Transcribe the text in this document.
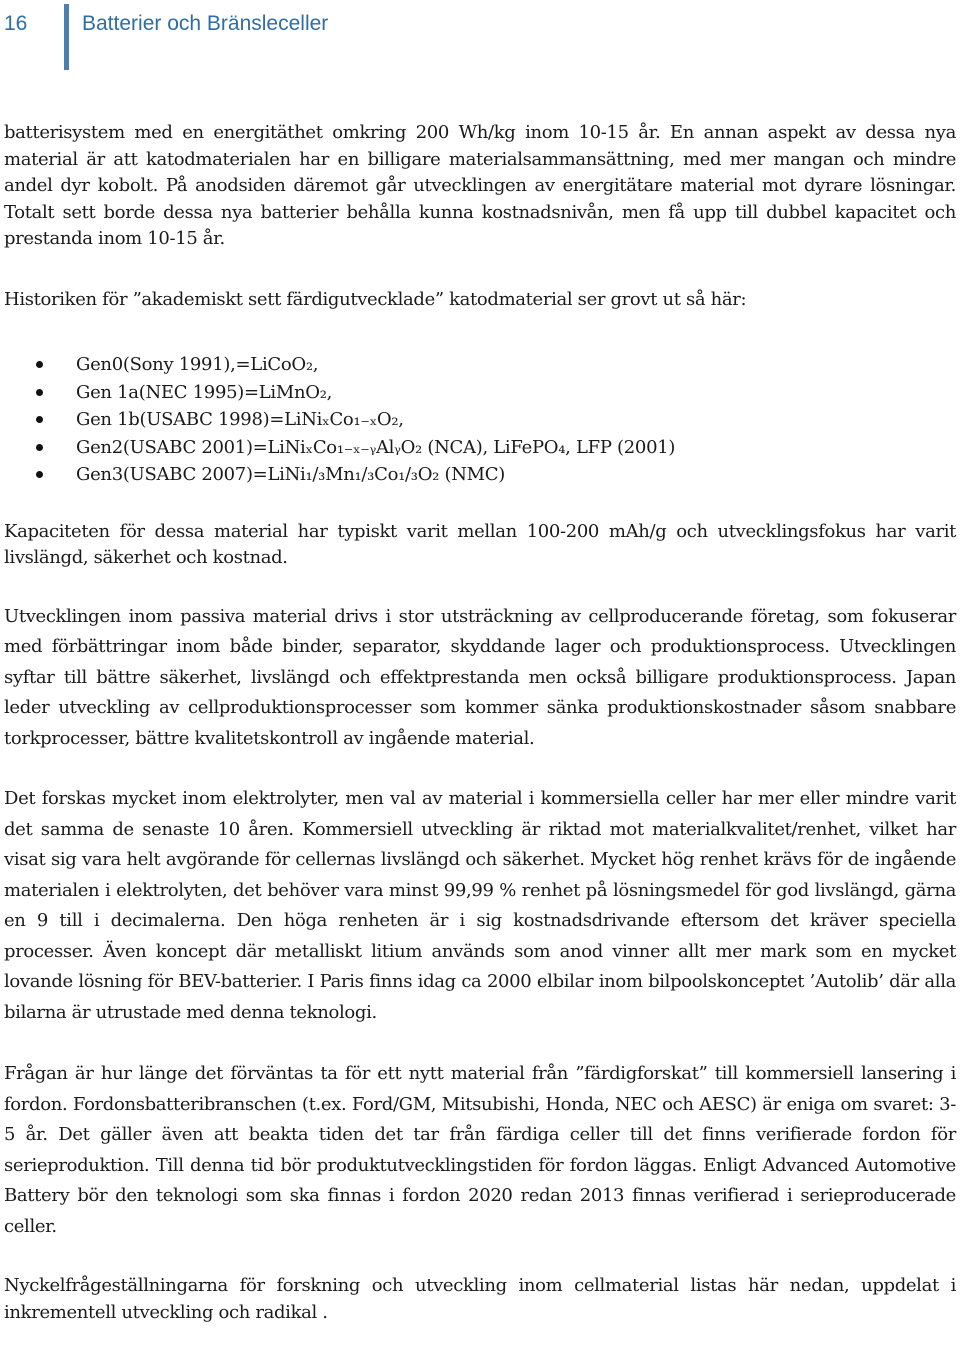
16	Batterier och Bränsleceller

batterisystem med en energitäthet omkring 200 Wh/kg inom 10-15 år. En annan aspekt av dessa nya material är att katodmaterialen har en billigare materialsammansättning, med mer mangan och mindre andel dyr kobolt. På anodsiden däremot går utvecklingen av energitätare material mot dyrare lösningar. Totalt sett borde dessa nya batterier behålla kunna kostnadsnivån, men få upp till dubbel kapacitet och prestanda inom 10-15 år.

Historiken för ”akademiskt sett färdigutvecklade” katodmaterial ser grovt ut så här:

Gen0(Sony 1991),=LiCoO₂,
Gen 1a(NEC 1995)=LiMnO₂,
Gen 1b(USABC 1998)=LiNiₓCo₁₋ₓO₂,
Gen2(USABC 2001)=LiNiₓCo₁₋ₓ₋ᵧAlᵧO₂ (NCA), LiFePO₄, LFP (2001)
Gen3(USABC 2007)=LiNi₁/₃Mn₁/₃Co₁/₃O₂ (NMC)

Kapaciteten för dessa material har typiskt varit mellan 100-200 mAh/g och utvecklingsfokus har varit livslängd, säkerhet och kostnad.

Utvecklingen inom passiva material drivs i stor utsträckning av cellproducerande företag, som fokuserar med förbättringar inom både binder, separator, skyddande lager och produktionsprocess. Utvecklingen syftar till bättre säkerhet, livslängd och effektprestanda men också billigare produktionsprocess. Japan leder utveckling av cellproduktionsprocesser som kommer sänka produktionskostnader såsom snabbare torkprocesser, bättre kvalitetskontroll av ingående material.

Det forskas mycket inom elektrolyter, men val av material i kommersiella celler har mer eller mindre varit det samma de senaste 10 åren. Kommersiell utveckling är riktad mot materialkvalitet/renhet, vilket har visat sig vara helt avgörande för cellernas livslängd och säkerhet. Mycket hög renhet krävs för de ingående materialen i elektrolyten, det behöver vara minst 99,99 % renhet på lösningsmedel för god livslängd, gärna en 9 till i decimalerna. Den höga renheten är i sig kostnadsdrivande eftersom det kräver speciella processer. Även koncept där metalliskt litium används som anod vinner allt mer mark som en mycket lovande lösning för BEV-batterier. I Paris finns idag ca 2000 elbilar inom bilpoolskonceptet ’Autolib’ där alla bilarna är utrustade med denna teknologi.

Frågan är hur länge det förväntas ta för ett nytt material från ”färdigforskat” till kommersiell lansering i fordon. Fordonsbatteribranschen (t.ex. Ford/GM, Mitsubishi, Honda, NEC och AESC) är eniga om svaret: 3-5 år. Det gäller även att beakta tiden det tar från färdiga celler till det finns verifierade fordon för serieproduktion. Till denna tid bör produktutvecklingstiden för fordon läggas. Enligt Advanced Automotive Battery bör den teknologi som ska finnas i fordon 2020 redan 2013 finnas verifierad i serieproducerade celler.

Nyckelfrågeställningarna för forskning och utveckling inom cellmaterial listas här nedan, uppdelat i inkrementell utveckling och radikal .
